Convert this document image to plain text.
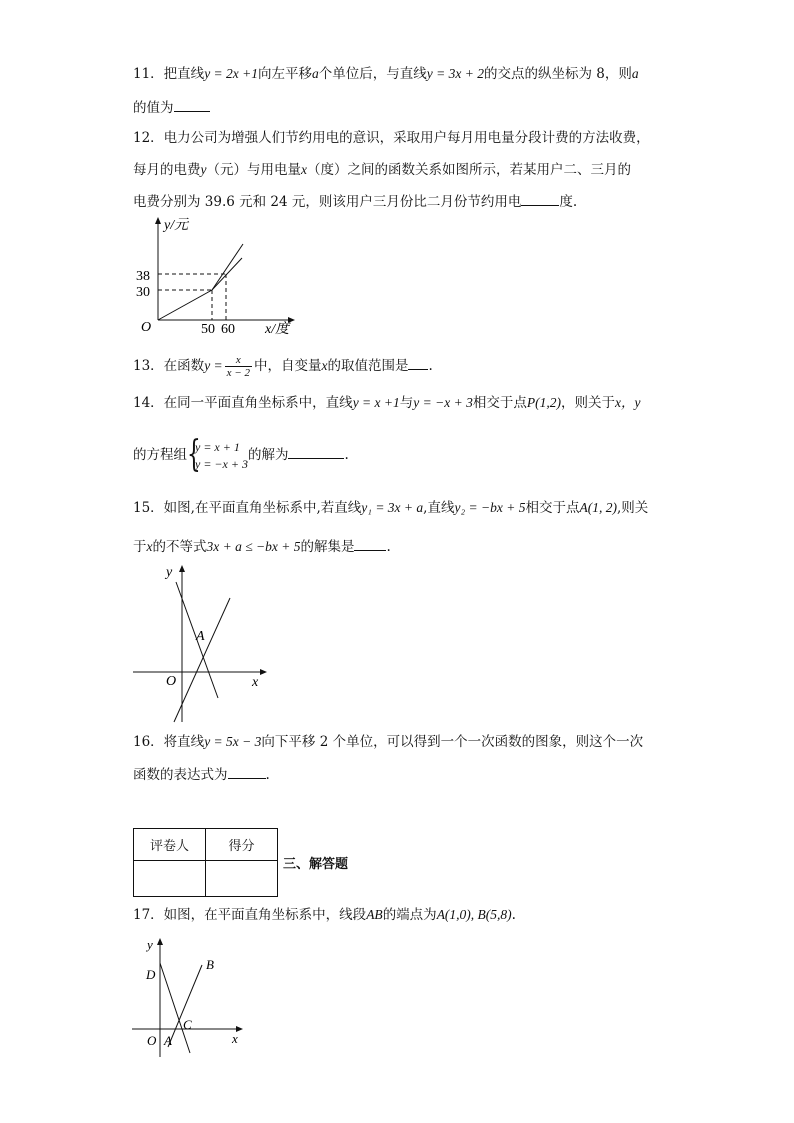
11．把直线y = 2x +1向左平移a个单位后，与直线y = 3x + 2的交点的纵坐标为 8，则a
的值为
12．电力公司为增强人们节约用电的意识，采取用户每月用电量分段计费的方法收费，
每月的电费y（元）与用电量x（度）之间的函数关系如图所示，若某用户二、三月的
电费分别为 39.6 元和 24 元，则该用户三月份比二月份节约用电	度.
y/元
x/度
O
38
30
50 60
13．在函数$y = \frac{x}{x - 2}$ 中，自变量x的取值范围是 .
14．在同一平面直角坐标系中，直线y = x +1与y = −x + 3相交于点P(1,2)，则关于x，y
的方程组 {
y = x + 1
y = −x + 3
的解为	.
15．如图,在平面直角坐标系中,若直线y₁ = 3x + a,直线y₂ = −bx + 5相交于点A(1, 2),则关
于x的不等式3x + a ≤ −bx + 5的解集是 .
y
x
O
A
16．将直线y = 5x − 3向下平移 2 个单位，可以得到一个一次函数的图象，则这个一次
函数的表达式为	.
评卷人	得分

三、解答题
17．如图，在平面直角坐标系中，线段AB的端点为A(1,0), B(5,8).
y
x
O
B
D
C
A
